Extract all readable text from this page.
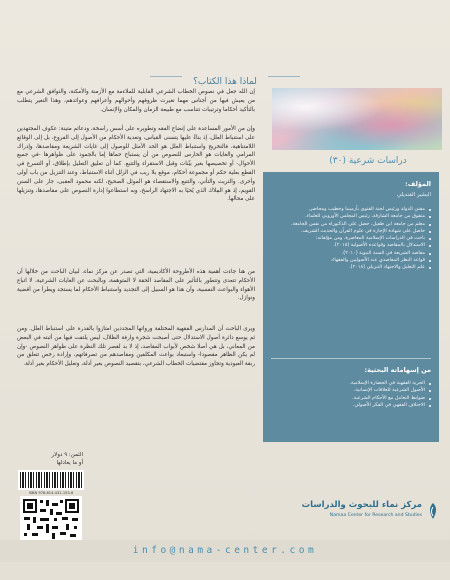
لماذا هذا الكتاب؟
إن الله جعل في نصوص الخطاب الشرعي القابلية للملاءمة مع الأزمنة والأمكنة، والتوافق الشرعي مع من يعيش فيها من أجناس مهما تغيرت ظروفهم وأحوالهم وأعرافهم وعوائدهم، وهذا التغير يتطلب بالتأكيد أحكاما وترتيبات تتناسب مع طبيعة الزمان والمكان والإنسان.
وإن من الأمور المساعدة على إنضاج الفقه وتطويره على أسس راسخة، ودعائم متينة: عكوف المجتهدين على استنباط العلل، إذ بناءً عليها يتسنى القياس، وتعدية الأحكام من الأصول إلى الفروع، بل إلى الوقائع اللامتناهية، فالتخريج واستنباط العلل هو الحد الأمثل للوصول إلى غايات الشريعة ومقاصدها، وإدراك المرامي والغايات هو الحارس للنصوص من أن يستباح حماها إما بالجمود على ظواهرها -في جميع الأحوال- أو تخصيصها بغير بيِّنات وقبل الاستقراء والتتبع. كما أن تعليق التعليل بإطلاق، أو التسرع في القطع بعلية حكم أو مجموعة أحكام، موقع بلا ريب في الزلل أثناء الاستنباط، وعند التنزيل من باب أولى وأحرى. والتريث والتأني، والتتبع والاستقصاء هو الموئل الصحيح، لكنه محمود العقبى، جار على السنن القويم، إذ هو المِلاك الذي يُحيَا به الاجتهاد الراسخ، وبه استطاعوا إدارة النصوص على مقاصدها، وتنزيلها على محالها.
من هنا جاءت أهمية هذه الأطروحة الأكاديمية، التي تصدر عن مركز نماء، لبيان الباحث من خلالها أن الأحكام تتعدى وتتطور بالتأثير على المقاصد الحقة لا المتوهمة، وبالبحث عن الغايات الشرعية، لا اتباع الأهواء والبواعث النفسية، وأن هذا هو السبيل إلى التجديد واستنباط الأحكام لما يستجد ويطرأ من أقضية ونوازل.
ويرى الباحث أن المدارس الفقهية المختلفة ورواتها المجددين امتازوا بالقدرة على استنباط العلل. ومن ثم يوسع دائرة أصول الاستدلال حتى أصبحت شجرة وارفة الظلال، ليس يلتفت فيها من أثبته في البعض من المعاني، بل هي أصلا شخص لأبواب المقاصد، إذ لا بد لقصر تلك النظرة على ظواهر النصوص -وإن لم يكن الظاهر مقصودا- واستبعاد بواعث المكلفين ومقاصدهم من تصرفاتهم، وإرادة رخص تتعلق من ربقة العبودية وتجاوز مقتضيات الخطاب الشرعي، بتقصيد النصوص بغير أدلة، وتعليل الأحكام بغير أدلة.
دراسات شرعية (٣٠)
المؤلف:
البشير القنديلي
مفتي الدولة ورئيس لجنة الفتوى بأرمينيا وخطيب ومحاضر.
متفوق من جامعة الشارقة، رئيس المجلس الأوروبي للعلماء.
معلم من جامعة ابن طفيل، حصل على الدكتوراه من نفس الجامعة.
حاصل على شهادة الإجازة في علوم القرآن والحديث الشريف.
باحث في الدراسات الإسلامية المعاصرة، ومن مؤلفاته:
الاستدلال بالمقاصد وقواعده الأصولية (٢٠١٥).
مقاصد الشريعة في السنة النبوية (٢٠١٠).
قواعد النظر المقاصدي عند الأصوليين والفقهاء.
علم التعليل والاجتهاد التنزيلي (٢٠١٨).
من إسهاماته البحثية:
الحرية الفقهية في الحضارة الإسلامية.
الأصول الشرعية للعلاقات الإنسانية.
ضوابط التعامل مع الأحكام الشرعية.
الاختلاف الفقهي في الفكر الأصولي.
الثمن: ٩ دولار
أو ما يعادلها
ISBN 978-614-431-153-6
مركز نماء للبحوث والدراسات
Namaa Center for Research and Studies
info@nama-center.com
